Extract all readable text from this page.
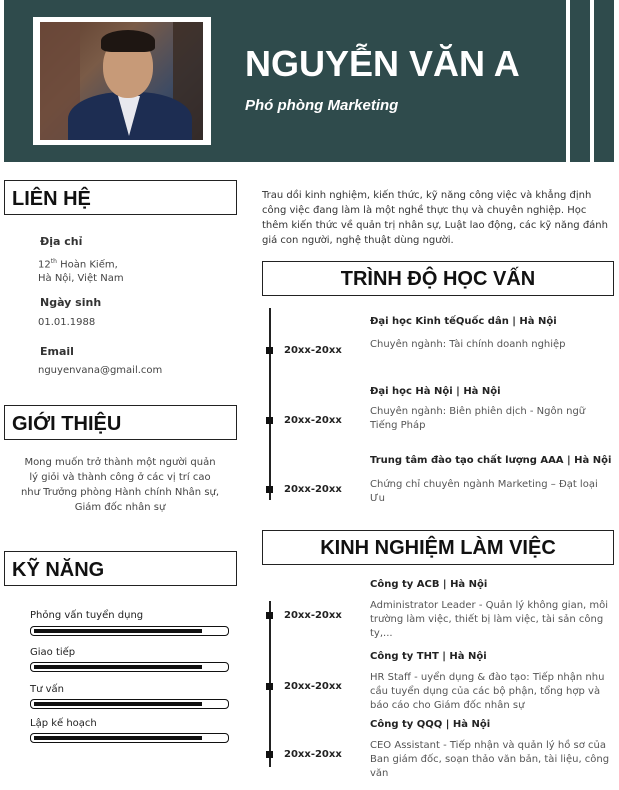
NGUYỄN VĂN A
Phó phòng Marketing
LIÊN HỆ
Địa chỉ
12th Hoàn Kiếm,
Hà Nội, Việt Nam
Ngày sinh
01.01.1988
Email
nguyenvana@gmail.com
GIỚI THIỆU
Mong muốn trở thành một người quản lý giỏi và thành công ở các vị trí cao như Trưởng phòng Hành chính Nhân sự, Giám đốc nhân sự
KỸ NĂNG
Phỏng vấn tuyển dụng
Giao tiếp
Tư vấn
Lập kế hoạch
Trau dồi kinh nghiệm, kiến thức, kỹ năng công việc và khẳng định công việc đang làm là một nghề thực thụ và chuyên nghiệp. Học thêm kiến thức về quản trị nhân sự, Luật lao động, các kỹ năng đánh giá con người, nghệ thuật dùng người.
TRÌNH ĐỘ HỌC VẤN
20xx-20xx
Đại học Kinh tếQuốc dân | Hà Nội
Chuyên ngành: Tài chính doanh nghiệp
20xx-20xx
Đại học Hà Nội | Hà Nội
Chuyên ngành: Biên phiên dịch - Ngôn ngữ Tiếng Pháp
20xx-20xx
Trung tâm đào tạo chất lượng AAA | Hà Nội
Chứng chỉ chuyên ngành Marketing – Đạt loại Ưu
KINH NGHIỆM LÀM VIỆC
20xx-20xx
Công ty ACB | Hà Nội
Administrator Leader - Quản lý không gian, môi trường làm việc, thiết bị làm việc, tài sản công ty,...
20xx-20xx
Công ty THT | Hà Nội
HR Staff - uyển dụng & đào tạo: Tiếp nhận nhu cầu tuyển dụng của các bộ phận, tổng hợp và báo cáo cho Giám đốc nhân sự
20xx-20xx
Công ty QQQ | Hà Nội
CEO Assistant - Tiếp nhận và quản lý hồ sơ của Ban giám đốc, soạn thảo văn bản, tài liệu, công văn
